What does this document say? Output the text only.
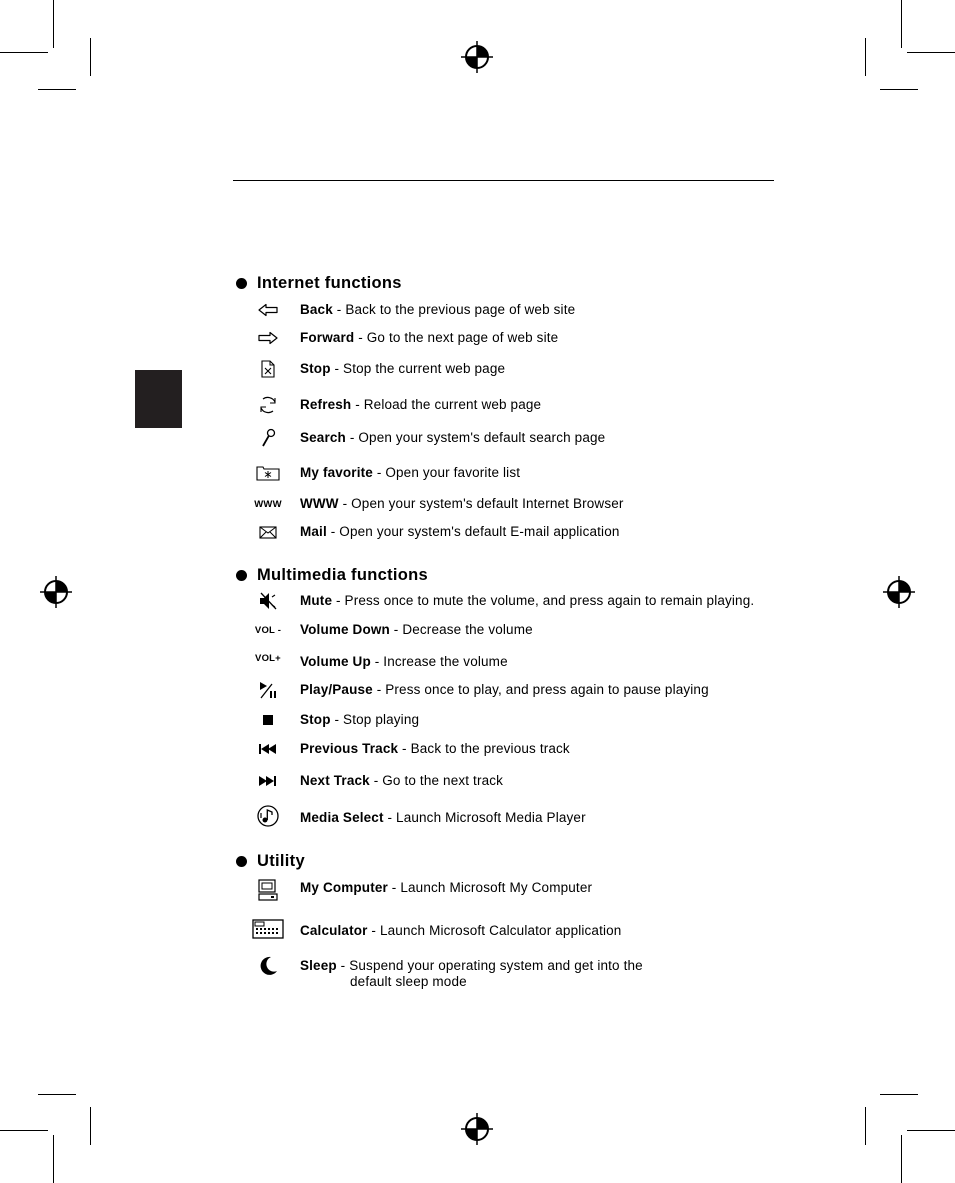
Internet functions
Back - Back to the previous page of web site
Forward - Go to the next page of web site
Stop - Stop the current web page
Refresh - Reload the current web page
Search - Open your system's default search page
My favorite - Open your favorite list
WWW WWW - Open your system's default Internet Browser
Mail - Open your system's default E-mail application
Multimedia functions
Mute - Press once to mute the volume, and press again to remain playing.
VOL - Volume Down - Decrease the volume
VOL+ Volume Up - Increase the volume
Play/Pause - Press once to play, and press again to pause playing
Stop - Stop playing
Previous Track - Back to the previous track
Next Track - Go to the next track
Media Select - Launch Microsoft Media Player
Utility
My Computer - Launch Microsoft My Computer
Calculator - Launch Microsoft Calculator application
Sleep - Suspend your operating system and get into the
default sleep mode
